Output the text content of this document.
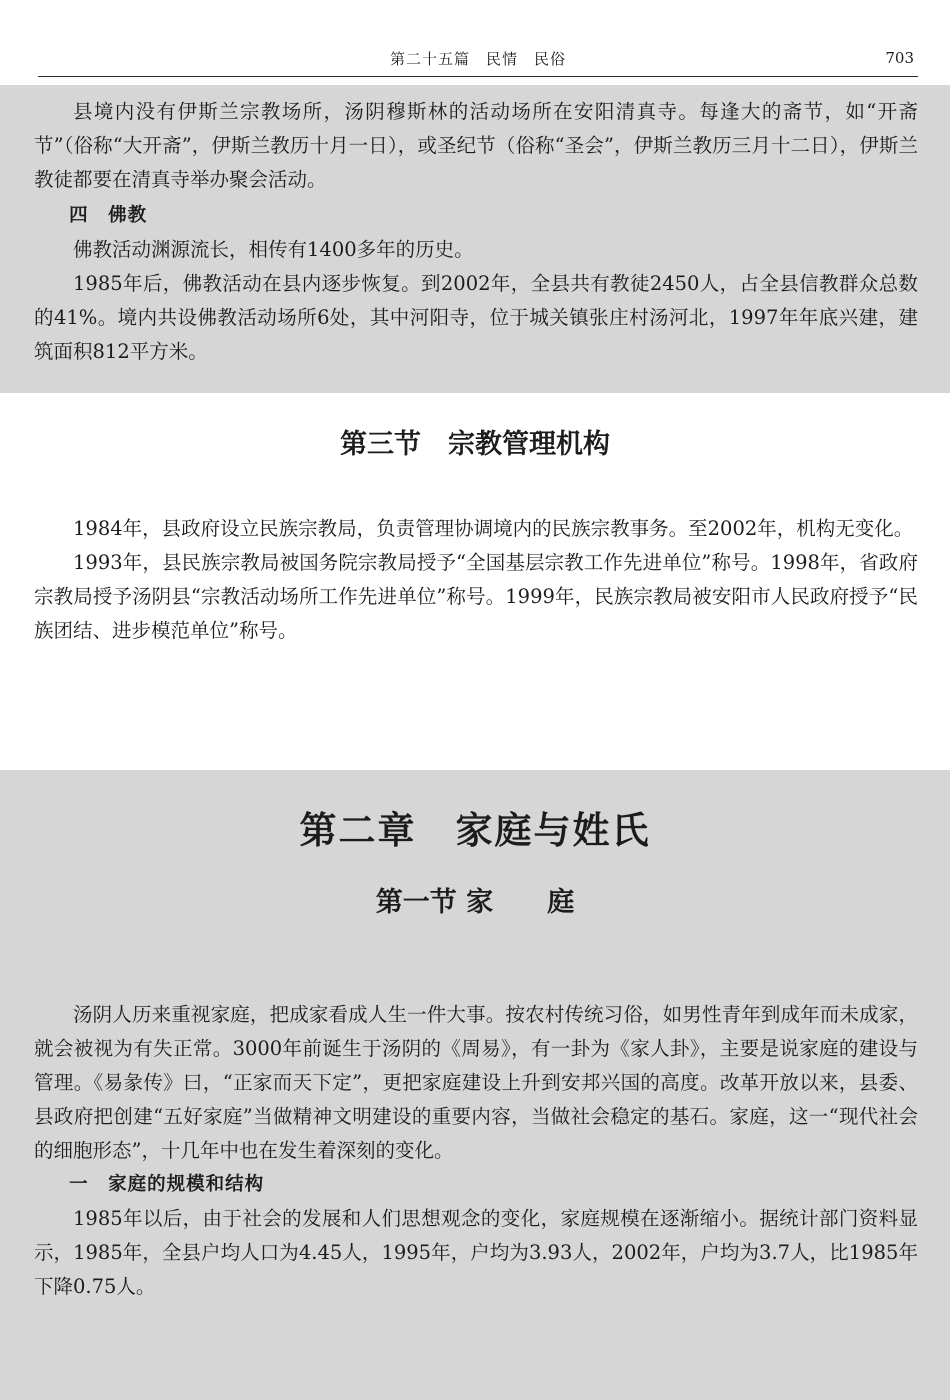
第二十五篇　民情　民俗	703

县境内没有伊斯兰宗教场所，汤阴穆斯林的活动场所在安阳清真寺。每逢大的斋节，如“开斋节”（俗称“大开斋”，伊斯兰教历十月一日），或圣纪节（俗称“圣会”，伊斯兰教历三月十二日），伊斯兰教徒都要在清真寺举办聚会活动。

四　佛教

佛教活动渊源流长，相传有1400多年的历史。

1985年后，佛教活动在县内逐步恢复。到2002年，全县共有教徒2450人，占全县信教群众总数的41%。境内共设佛教活动场所6处，其中河阳寺，位于城关镇张庄村汤河北，1997年年底兴建，建筑面积812平方米。

第三节　宗教管理机构

1984年，县政府设立民族宗教局，负责管理协调境内的民族宗教事务。至2002年，机构无变化。

1993年，县民族宗教局被国务院宗教局授予“全国基层宗教工作先进单位”称号。1998年，省政府宗教局授予汤阴县“宗教活动场所工作先进单位”称号。1999年，民族宗教局被安阳市人民政府授予“民族团结、进步模范单位”称号。

第二章　家庭与姓氏
第一节 家　　庭

汤阴人历来重视家庭，把成家看成人生一件大事。按农村传统习俗，如男性青年到成年而未成家，就会被视为有失正常。3000年前诞生于汤阴的《周易》，有一卦为《家人卦》，主要是说家庭的建设与管理。《易彖传》曰，“正家而天下定”，更把家庭建设上升到安邦兴国的高度。改革开放以来，县委、县政府把创建“五好家庭”当做精神文明建设的重要内容，当做社会稳定的基石。家庭，这一“现代社会的细胞形态”，十几年中也在发生着深刻的变化。

一　家庭的规模和结构

1985年以后，由于社会的发展和人们思想观念的变化，家庭规模在逐渐缩小。据统计部门资料显示，1985年，全县户均人口为4.45人，1995年，户均为3.93人，2002年，户均为3.7人，比1985年下降0.75人。
